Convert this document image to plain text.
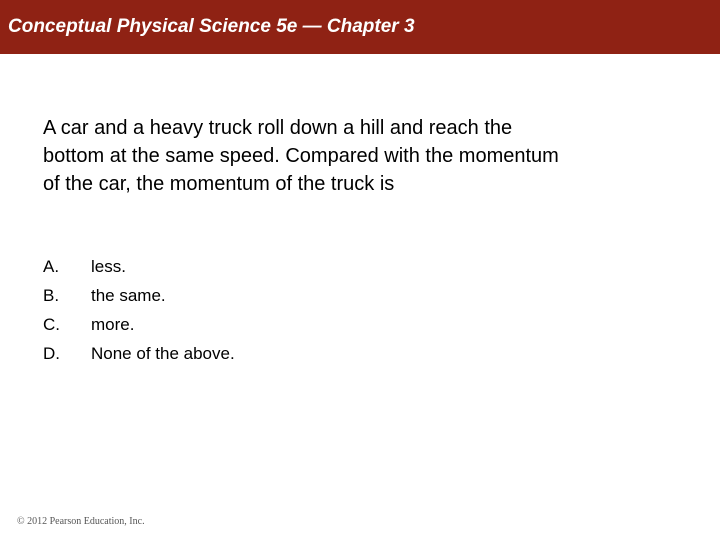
Conceptual Physical Science 5e — Chapter 3
A car and a heavy truck roll down a hill and reach the
bottom at the same speed. Compared with the momentum
of the car, the momentum of the truck is
A.	less.
B.	the same.
C.	more.
D.	None of the above.
© 2012 Pearson Education, Inc.
